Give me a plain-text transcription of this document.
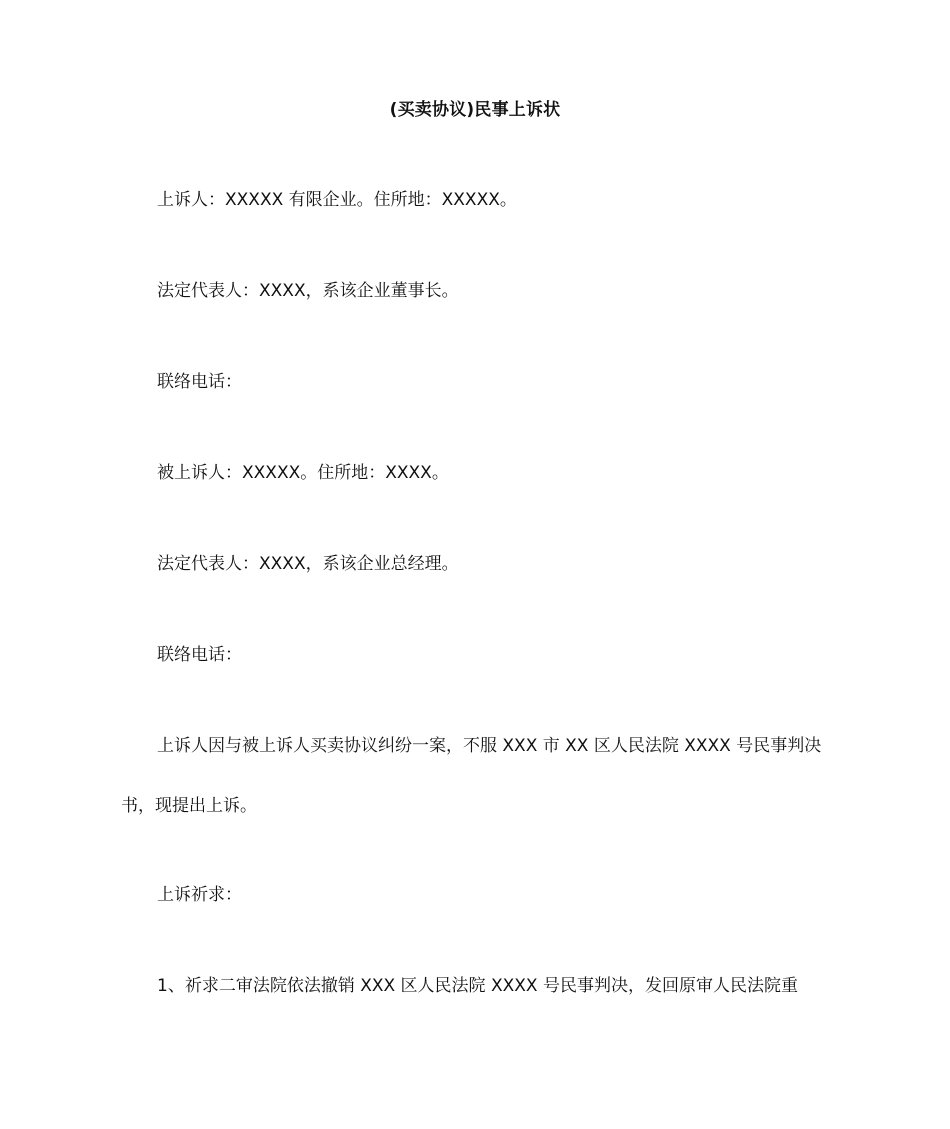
(买卖协议)民事上诉状
上诉人：XXXXX 有限企业。住所地：XXXXX。
法定代表人：XXXX，系该企业董事长。
联络电话：
被上诉人：XXXXX。住所地：XXXX。
法定代表人：XXXX，系该企业总经理。
联络电话：
上诉人因与被上诉人买卖协议纠纷一案，不服 XXX 市 XX 区人民法院 XXXX 号民事判决书，现提出上诉。
上诉祈求：
1、祈求二审法院依法撤销 XXX 区人民法院 XXXX 号民事判决，发回原审人民法院重
